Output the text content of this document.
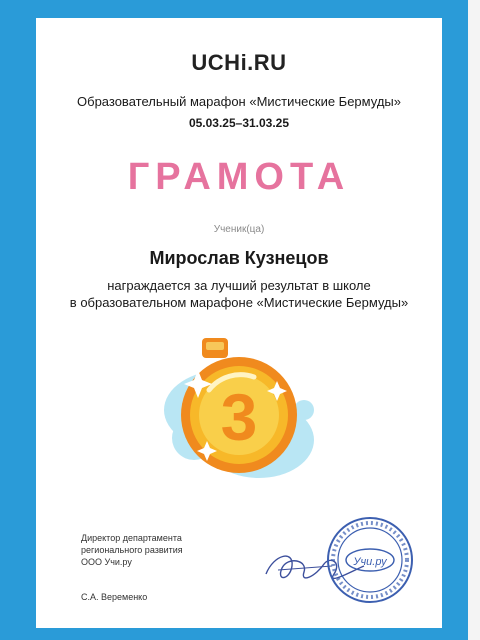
UCHi.RU
Образовательный марафон «Мистические Бермуды»
05.03.25–31.03.25
ГРАМОТА
Ученик(ца)
Мирослав Кузнецов
награждается за лучший результат в школе
в образовательном марафоне «Мистические Бермуды»
3
Директор департамента
регионального развития
ООО Учи.ру
С.А. Веременко
Учи.ру
